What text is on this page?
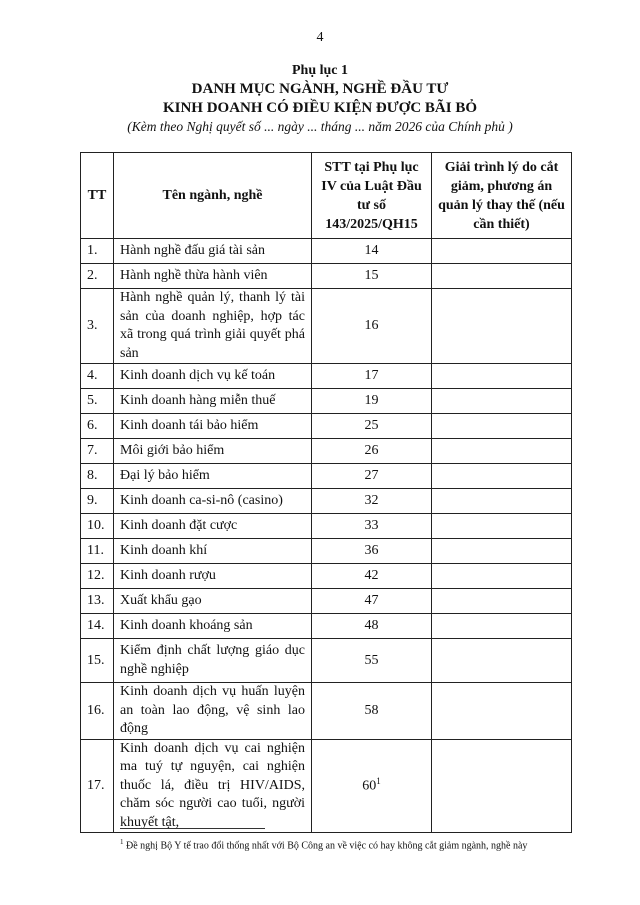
4
Phụ lục 1
DANH MỤC NGÀNH, NGHỀ ĐẦU TƯ
KINH DOANH CÓ ĐIỀU KIỆN ĐƯỢC BÃI BỎ
(Kèm theo Nghị quyết số ... ngày ... tháng ... năm 2026 của Chính phủ )
TT	Tên ngành, nghề	STT tại Phụ lục IV của Luật Đầu tư số 143/2025/QH15	Giải trình lý do cắt giảm, phương án quản lý thay thế (nếu cần thiết)
1.	Hành nghề đấu giá tài sản	14	
2.	Hành nghề thừa hành viên	15	
3.	Hành nghề quản lý, thanh lý tài sản của doanh nghiệp, hợp tác xã trong quá trình giải quyết phá sản	16	
4.	Kinh doanh dịch vụ kế toán	17	
5.	Kinh doanh hàng miễn thuế	19	
6.	Kinh doanh tái bảo hiểm	25	
7.	Môi giới bảo hiểm	26	
8.	Đại lý bảo hiểm	27	
9.	Kinh doanh ca-si-nô (casino)	32	
10.	Kinh doanh đặt cược	33	
11.	Kinh doanh khí	36	
12.	Kinh doanh rượu	42	
13.	Xuất khẩu gạo	47	
14.	Kinh doanh khoáng sản	48	
15.	Kiểm định chất lượng giáo dục nghề nghiệp	55	
16.	Kinh doanh dịch vụ huấn luyện an toàn lao động, vệ sinh lao động	58	
17.	Kinh doanh dịch vụ cai nghiện ma tuý tự nguyện, cai nghiện thuốc lá, điều trị HIV/AIDS, chăm sóc người cao tuổi, người khuyết tật,	$60^1$	
$^1$ Đề nghị Bộ Y tế trao đổi thống nhất với Bộ Công an về việc có hay không cắt giảm ngành, nghề này
